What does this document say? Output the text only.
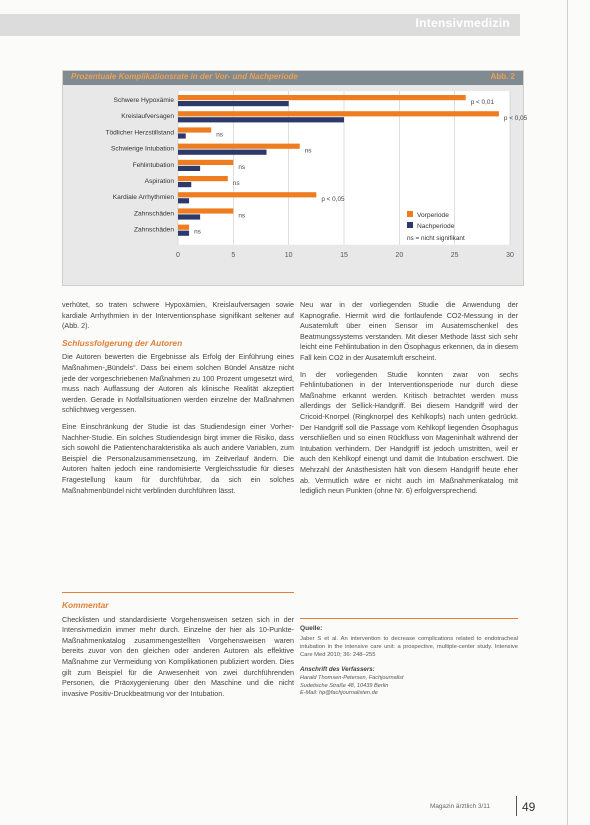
Intensivmedizin
Prozentuale Komplikationsrate in der Vor- und Nachperiode	Abb. 2
0	5	10	15	20	25	30
Schwere Hypoxämie	p < 0,01
Kreislaufversagen	p < 0,05
Tödlicher Herzstillstand	ns
Schwierige Intubation	ns
Fehlintubation	ns
Aspiration	ns
Kardiale Arrhythmien	p < 0,05
Zahnschäden	ns
Zahnschäden	ns
Vorperiode
Nachperiode
ns = nicht signifikant

verhütet, so traten schwere Hypoxämien, Kreislaufversagen sowie kardiale Arrhythmien in der Interventionsphase signifikant seltener auf (Abb. 2).

Schlussfolgerung der Autoren

Die Autoren bewerten die Ergebnisse als Erfolg der Einführung eines Maßnahmen-„Bündels“. Dass bei einem solchen Bündel Ansätze nicht jede der vorgeschriebenen Maßnahmen zu 100 Prozent umgesetzt wird, muss nach Auffassung der Autoren als klinische Realität akzeptiert werden. Gerade in Notfallsituationen werden einzelne der Maßnahmen schlichtweg vergessen.

Eine Einschränkung der Studie ist das Studiendesign einer Vorher-Nachher-Studie. Ein solches Studiendesign birgt immer die Risiko, dass sich sowohl die Patientencharakteristika als auch andere Variablen, zum Beispiel die Personalzusammensetzung, im Zeitverlauf ändern. Die Autoren halten jedoch eine randomisierte Vergleichsstudie für dieses Fragestellung kaum für durchführbar, da sich ein solches Maßnahmenbündel nicht verblinden durchführen lässt.

Kommentar

Checklisten und standardisierte Vorgehensweisen setzen sich in der Intensivmedizin immer mehr durch. Einzelne der hier als 10-Punkte-Maßnahmenkatalog zusammengestellten Vorgehensweisen waren bereits zuvor von den gleichen oder anderen Autoren als effektive Maßnahme zur Vermeidung von Komplikationen publiziert worden. Dies gilt zum Beispiel für die Anwesenheit von zwei durchführenden Personen, die Präoxygenierung über den Maschine und die nicht invasive Positiv-Druckbeatmung vor der Intubation.

Neu war in der vorliegenden Studie die Anwendung der Kapnografie. Hiermit wird die fortlaufende CO2-Messung in der Ausatemluft über einen Sensor im Ausatemschenkel des Beatmungssystems verstanden. Mit dieser Methode lässt sich sehr leicht eine Fehlintubation in den Ösophagus erkennen, da in diesem Fall kein CO2 in der Ausatemluft erscheint.

In der vorliegenden Studie konnten zwar von sechs Fehlintubationen in der Interventionsperiode nur durch diese Maßnahme erkannt werden. Kritisch betrachtet werden muss allerdings der Sellick-Handgriff. Bei diesem Handgriff wird der Cricoid-Knorpel (Ringknorpel des Kehlkopfs) nach unten gedrückt. Der Handgriff soll die Passage vom Kehlkopf liegenden Ösophagus verschließen und so einen Rückfluss von Mageninhalt während der Intubation verhindern. Der Handgriff ist jedoch umstritten, weil er auch den Kehlkopf einengt und damit die Intubation erschwert. Die Mehrzahl der Anästhesisten hält von diesem Handgriff heute eher ab. Vermutlich wäre er nicht auch im Maßnahmenkatalog mit lediglich neun Punkten (ohne Nr. 6) erfolgversprechend.

Quelle:

Jaber S et al. An intervention to decrease complications related to endotracheal intubation in the intensive care unit: a prospective, multiple-center study. Intensive Care Med 2010; 36: 248–255

Anschrift des Verfassers:
Harald Thomsen-Petersen, Fachjournalist
Sudetische Straße 48, 10439 Berlin
E-Mail: hp@fachjournalisten.de
Magazin ärztlich 3/11	49
